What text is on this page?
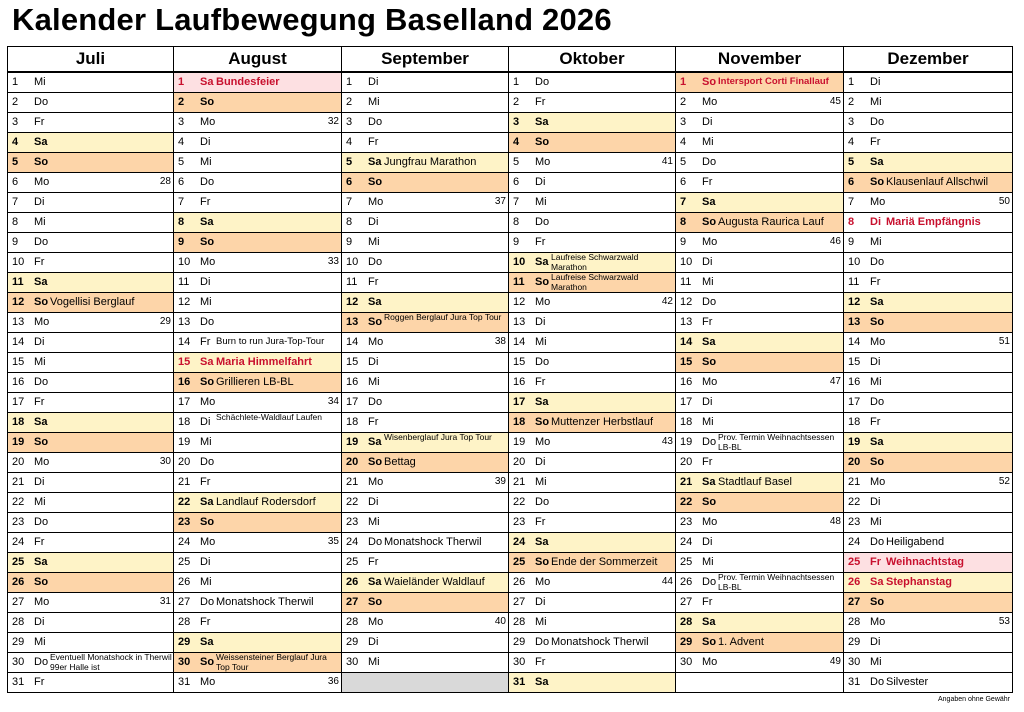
Kalender Laufbewegung Baselland 2026
Juli	August	September	Oktober	November	Dezember

1 Mi	1 Sa Bundesfeier	1 Di	1 Do	1 So Intersport Corti Finallauf	1 Di

2 Do	2 So	2 Mi	2 Fr	2 Mo 45	2 Mi

3 Fr	3 Mo 32	3 Do	3 Sa	3 Di	3 Do

4 Sa	4 Di	4 Fr	4 So	4 Mi	4 Fr

5 So	5 Mi	5 Sa Jungfrau Marathon	5 Mo 41	5 Do	5 Sa

6 Mo 28	6 Do	6 So	6 Di	6 Fr	6 So Klausenlauf Allschwil

7 Di	7 Fr	7 Mo 37	7 Mi	7 Sa	7 Mo 50

8 Mi	8 Sa	8 Di	8 Do	8 So Augusta Raurica Lauf	8 Di Mariä Empfängnis

9 Do	9 So	9 Mi	9 Fr	9 Mo 46	9 Mi

10 Fr	10 Mo 33	10 Do	10 Sa Laufreise Schwarzwald Marathon	10 Di	10 Do

11 Sa	11 Di	11 Fr	11 So Laufreise Schwarzwald Marathon	11 Mi	11 Fr

12 So Vogellisi Berglauf	12 Mi	12 Sa	12 Mo 42	12 Do	12 Sa

13 Mo 29	13 Do	13 So Roggen Berglauf Jura Top Tour	13 Di	13 Fr	13 So

14 Di	14 Fr Burn to run Jura-Top-Tour	14 Mo 38	14 Mi	14 Sa	14 Mo 51

15 Mi	15 Sa Maria Himmelfahrt	15 Di	15 Do	15 So	15 Di

16 Do	16 So Grillieren LB-BL	16 Mi	16 Fr	16 Mo 47	16 Mi

17 Fr	17 Mo 34	17 Do	17 Sa	17 Di	17 Do

18 Sa	18 Di Schächlete-Waldlauf Laufen	18 Fr	18 So Muttenzer Herbstlauf	18 Mi	18 Fr

19 So	19 Mi	19 Sa Wisenberglauf Jura Top Tour	19 Mo 43	19 Do Prov. Termin Weihnachtsessen LB-BL	19 Sa

20 Mo 30	20 Do	20 So Bettag	20 Di	20 Fr	20 So

21 Di	21 Fr	21 Mo 39	21 Mi	21 Sa Stadtlauf Basel	21 Mo 52

22 Mi	22 Sa Landlauf Rodersdorf	22 Di	22 Do	22 So	22 Di

23 Do	23 So	23 Mi	23 Fr	23 Mo 48	23 Mi

24 Fr	24 Mo 35	24 Do Monatshock Therwil	24 Sa	24 Di	24 Do Heiligabend

25 Sa	25 Di	25 Fr	25 So Ende der Sommerzeit	25 Mi	25 Fr Weihnachtstag

26 So	26 Mi	26 Sa Waieländer Waldlauf	26 Mo 44	26 Do Prov. Termin Weihnachtsessen LB-BL	26 Sa Stephanstag

27 Mo 31	27 Do Monatshock Therwil	27 So	27 Di	27 Fr	27 So

28 Di	28 Fr	28 Mo 40	28 Mi	28 Sa	28 Mo 53

29 Mi	29 Sa	29 Di	29 Do Monatshock Therwil	29 So 1. Advent	29 Di

30 Do Eventuell Monatshock in Therwil 99er Halle ist	30 So Weissensteiner Berglauf Jura Top Tour	30 Mi	30 Fr	30 Mo 49	30 Mi

31 Fr	31 Mo 36		31 Sa		31 Do Silvester
Angaben ohne Gewähr
